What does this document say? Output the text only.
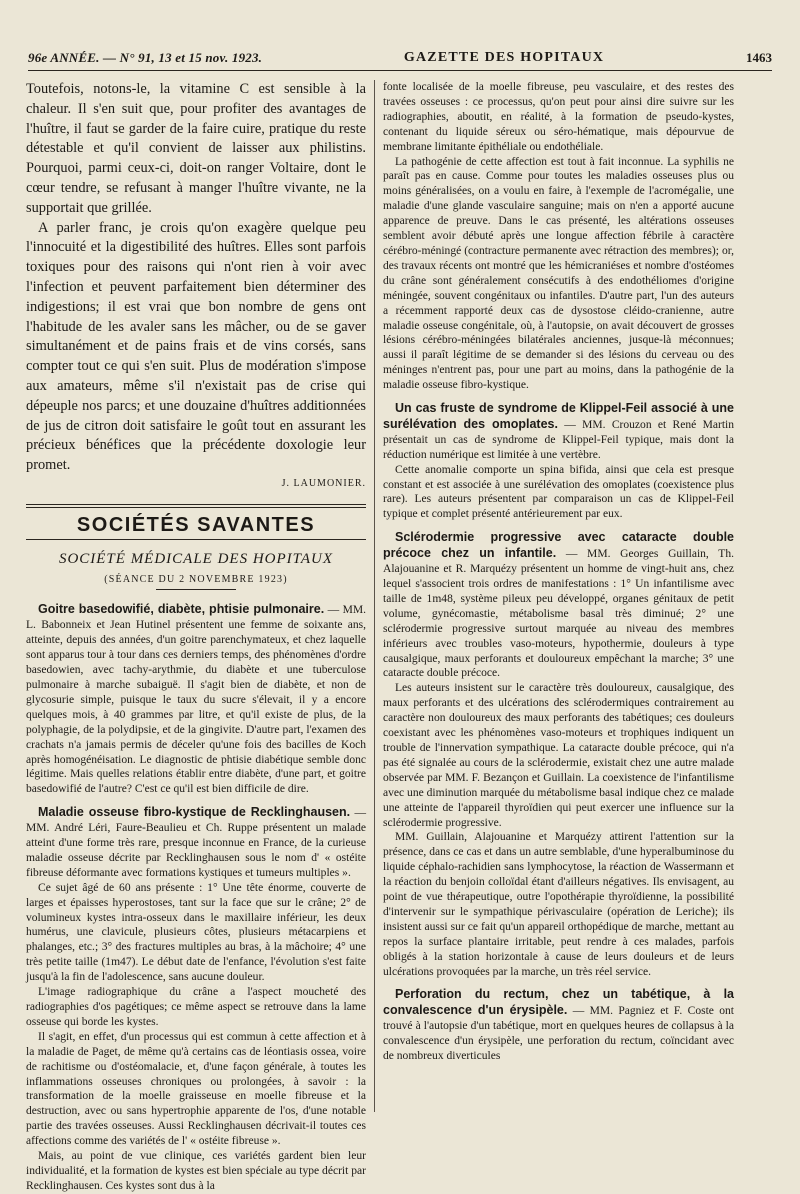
96e ANNÉE. — N° 91, 13 et 15 nov. 1923.	GAZETTE DES HOPITAUX	1463

Toutefois, notons-le, la vitamine C est sensible à la chaleur. Il s'en suit que, pour profiter des avantages de l'huître, il faut se garder de la faire cuire, pratique du reste détestable et qu'il convient de laisser aux philistins. Pourquoi, parmi ceux-ci, doit-on ranger Voltaire, dont le cœur tendre, se refusant à manger l'huître vivante, ne la supportait que grillée.

A parler franc, je crois qu'on exagère quelque peu l'innocuité et la digestibilité des huîtres. Elles sont parfois toxiques pour des raisons qui n'ont rien à voir avec l'infection et peuvent parfaitement bien déterminer des indigestions; il est vrai que bon nombre de gens ont l'habitude de les avaler sans les mâcher, ou de se gaver simultanément et de pains frais et de vins corsés, sans compter tout ce qui s'en suit. Plus de modération s'impose aux amateurs, même s'il n'existait pas de crise qui dépeuple nos parcs; et une douzaine d'huîtres additionnées de jus de citron doit satisfaire le goût tout en assurant les précieux bénéfices que la précédente doxologie leur promet.

J. LAUMONIER.
SOCIÉTÉS SAVANTES
SOCIÉTÉ MÉDICALE DES HOPITAUX
(SÉANCE DU 2 NOVEMBRE 1923)

Goitre basedowifié, diabète, phtisie pulmonaire. — MM. L. Babonneix et Jean Hutinel présentent une femme de soixante ans, atteinte, depuis des années, d'un goitre parenchymateux, et chez laquelle sont apparus tour à tour dans ces derniers temps, des phénomènes d'ordre basedowien, avec tachy-arythmie, du diabète et une tuberculose pulmonaire à marche subaiguë. Il s'agit bien de diabète, et non de glycosurie simple, puisque le taux du sucre s'élevait, il y a encore quelques mois, à 40 grammes par litre, et qu'il existe de plus, de la polyphagie, de la polydipsie, et de la gingivite. D'autre part, l'examen des crachats n'a jamais permis de déceler qu'une fois des bacilles de Koch après homogénéisation. Le diagnostic de phtisie diabétique semble donc légitime. Mais quelles relations établir entre diabète, d'une part, et goitre basedowifié de l'autre? C'est ce qu'il est bien difficile de dire.

Maladie osseuse fibro-kystique de Recklinghausen. — MM. André Léri, Faure-Beaulieu et Ch. Ruppe présentent un malade atteint d'une forme très rare, presque inconnue en France, de la curieuse maladie osseuse décrite par Recklinghausen sous le nom d' « ostéite fibreuse déformante avec formations kystiques et tumeurs multiples ».

Ce sujet âgé de 60 ans présente : 1° Une tête énorme, couverte de larges et épaisses hyperostoses, tant sur la face que sur le crâne; 2° de volumineux kystes intra-osseux dans le maxillaire inférieur, les deux humérus, une clavicule, plusieurs côtes, plusieurs métacarpiens et phalanges, etc.; 3° des fractures multiples au bras, à la mâchoire; 4° une très petite taille (1m47). Le début date de l'enfance, l'évolution s'est faite jusqu'à la fin de l'adolescence, sans aucune douleur.

L'image radiographique du crâne a l'aspect moucheté des radiographies d'os pagétiques; ce même aspect se retrouve dans la lame osseuse qui borde les kystes.

Il s'agit, en effet, d'un processus qui est commun à cette affection et à la maladie de Paget, de même qu'à certains cas de léontiasis ossea, voire de rachitisme ou d'ostéomalacie, et, d'une façon générale, à toutes les inflammations osseuses chroniques ou prolongées, à savoir : la transformation de la moelle graisseuse en moelle fibreuse et la destruction, avec ou sans hypertrophie apparente de l'os, d'une notable partie des travées osseuses. Aussi Recklinghausen décrivait-il toutes ces affections comme des variétés de l' « ostéite fibreuse ».

Mais, au point de vue clinique, ces variétés gardent bien leur individualité, et la formation de kystes est bien spéciale au type décrit par Recklinghausen. Ces kystes sont dus à la

fonte localisée de la moelle fibreuse, peu vasculaire, et des restes des travées osseuses : ce processus, qu'on peut pour ainsi dire suivre sur les radiographies, aboutit, en réalité, à la formation de pseudo-kystes, contenant du liquide séreux ou séro-hématique, mais dépourvue de membrane limitante épithéliale ou endothéliale.

La pathogénie de cette affection est tout à fait inconnue. La syphilis ne paraît pas en cause. Comme pour toutes les maladies osseuses plus ou moins généralisées, on a voulu en faire, à l'exemple de l'acromégalie, une maladie d'une glande vasculaire sanguine; mais on n'en a apporté aucune apparence de preuve. Dans le cas présenté, les altérations osseuses semblent avoir débuté après une longue affection fébrile à caractère cérébro-méningé (contracture permanente avec rétraction des membres); or, des travaux récents ont montré que les hémicraniéses et nombre d'ostéomes du crâne sont généralement consécutifs à des endothéliomes d'origine méningée, souvent congénitaux ou infantiles. D'autre part, l'un des auteurs a récemment rapporté deux cas de dysostose cléido-cranienne, autre maladie osseuse congénitale, où, à l'autopsie, on avait découvert de grosses lésions cérébro-méningées bilatérales anciennes, jusque-là méconnues; aussi il paraît légitime de se demander si des lésions du cerveau ou des méninges n'entrent pas, pour une part au moins, dans la pathogénie de la maladie osseuse fibro-kystique.

Un cas fruste de syndrome de Klippel-Feil associé à une surélévation des omoplates. — MM. Crouzon et René Martin présentait un cas de syndrome de Klippel-Feil typique, mais dont la réduction numérique est limitée à une vertèbre.

Cette anomalie comporte un spina bifida, ainsi que cela est presque constant et est associée à une surélévation des omoplates (coexistence plus rare). Les auteurs présentent par comparaison un cas de Klippel-Feil typique et complet présenté antérieurement par eux.

Sclérodermie progressive avec cataracte double précoce chez un infantile. — MM. Georges Guillain, Th. Alajouanine et R. Marquézy présentent un homme de vingt-huit ans, chez lequel s'associent trois ordres de manifestations : 1° Un infantilisme avec taille de 1m48, système pileux peu développé, organes génitaux de petit volume, gynécomastie, métabolisme basal très diminué; 2° une sclérodermie progressive surtout marquée au niveau des membres inférieurs avec troubles vaso-moteurs, hypothermie, douleurs à type causalgique, maux perforants et douloureux empêchant la marche; 3° une cataracte double précoce.

Les auteurs insistent sur le caractère très douloureux, causalgique, des maux perforants et des ulcérations des sclérodermiques contrairement au caractère non douloureux des maux perforants des tabétiques; ces douleurs coexistant avec les phénomènes vaso-moteurs et trophiques indiquent un trouble de l'innervation sympathique. La cataracte double précoce, qui n'a pas été signalée au cours de la sclérodermie, existait chez une autre malade observée par MM. F. Bezançon et Guillain. La coexistence de l'infantilisme avec une diminution marquée du métabolisme basal indique chez ce malade une atteinte de l'appareil thyroïdien qui peut exercer une influence sur la sclérodermie progressive.

MM. Guillain, Alajouanine et Marquézy attirent l'attention sur la présence, dans ce cas et dans un autre semblable, d'une hyperalbuminose du liquide céphalo-rachidien sans lymphocytose, la réaction de Wassermann et la réaction du benjoin colloïdal étant d'ailleurs négatives. Ils envisagent, au point de vue thérapeutique, outre l'opothérapie thyroïdienne, la possibilité d'intervenir sur le sympathique périvasculaire (opération de Leriche); ils insistent aussi sur ce fait qu'un appareil orthopédique de marche, mettant au repos la surface plantaire irritable, peut rendre à ces malades, parfois obligés à la station horizontale à cause de leurs douleurs et de leurs ulcérations provoquées par la marche, un très réel service.

Perforation du rectum, chez un tabétique, à la convalescence d'un érysipèle. — MM. Pagniez et F. Coste ont trouvé à l'autopsie d'un tabétique, mort en quelques heures de collapsus à la convalescence d'un érysipèle, une perforation du rectum, coïncidant avec de nombreux diverticules
